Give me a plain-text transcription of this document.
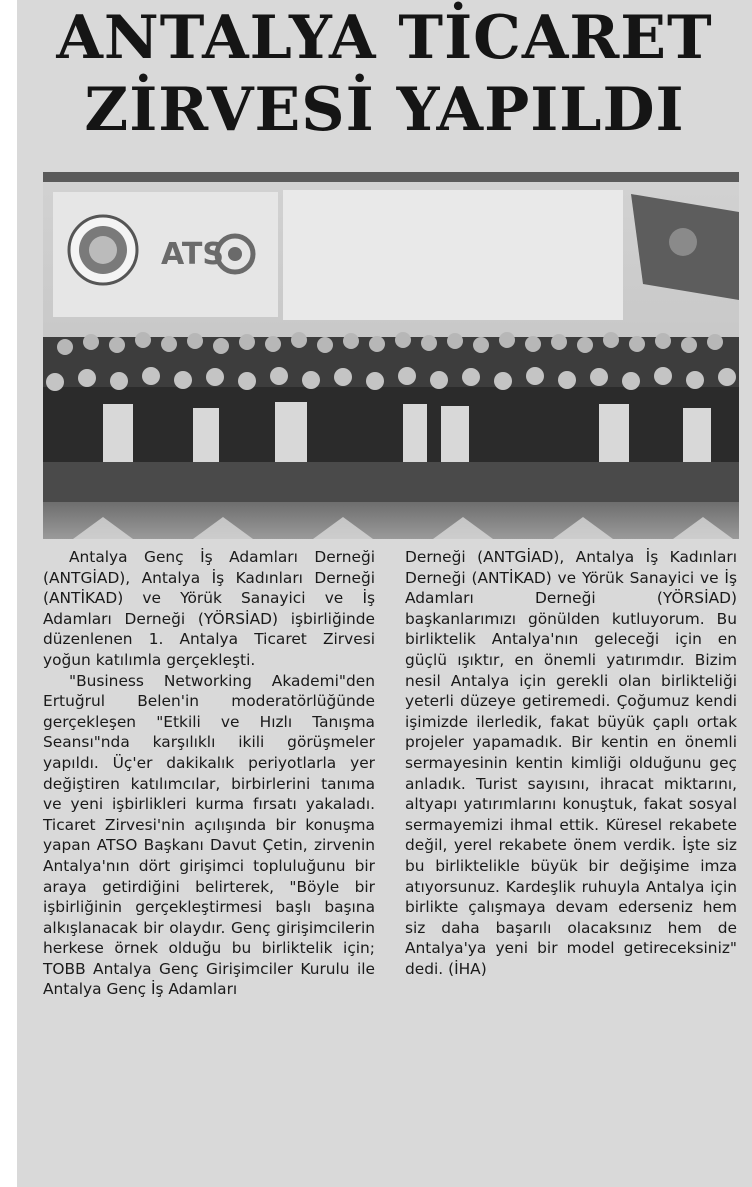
ANTALYA TİCARET
ZİRVESİ YAPILDI
ATS

Antalya Genç İş Adamları Derneği (ANTGİAD), Antalya İş Kadınları Derneği (ANTİKAD) ve Yörük Sanayici ve İş Adamları Derneği (YÖRSİAD) işbirliğinde düzenlenen 1. Antalya Ticaret Zirvesi yoğun katılımla gerçekleşti.

"Business Networking Akademi"den Ertuğrul Belen'in moderatörlüğünde gerçekleşen "Etkili ve Hızlı Tanışma Seansı"nda karşılıklı ikili görüşmeler yapıldı. Üç'er dakikalık periyotlarla yer değiştiren katılımcılar, birbirlerini tanıma ve yeni işbirlikleri kurma fırsatı yakaladı. Ticaret Zirvesi'nin açılışında bir konuşma yapan ATSO Başkanı Davut Çetin, zirvenin Antalya'nın dört girişimci topluluğunu bir araya getirdiğini belirterek, "Böyle bir işbirliğinin gerçekleştirmesi başlı başına alkışlanacak bir olaydır. Genç girişimcilerin herkese örnek olduğu bu birliktelik için; TOBB Antalya Genç Girişimciler Kurulu ile Antalya Genç İş Adamları

Derneği (ANTGİAD), Antalya İş Kadınları Derneği (ANTİKAD) ve Yörük Sanayici ve İş Adamları Derneği (YÖRSİAD) başkanlarımızı gönülden kutluyorum. Bu birliktelik Antalya'nın geleceği için en güçlü ışıktır, en önemli yatırımdır. Bizim nesil Antalya için gerekli olan birlikteliği yeterli düzeye getiremedi. Çoğumuz kendi işimizde ilerledik, fakat büyük çaplı ortak projeler yapamadık. Bir kentin en önemli sermayesinin kentin kimliği olduğunu geç anladık. Turist sayısını, ihracat miktarını, altyapı yatırımlarını konuştuk, fakat sosyal sermayemizi ihmal ettik. Küresel rekabete değil, yerel rekabete önem verdik. İşte siz bu birliktelikle büyük bir değişime imza atıyorsunuz. Kardeşlik ruhuyla Antalya için birlikte çalışmaya devam ederseniz hem siz daha başarılı olacaksınız hem de Antalya'ya yeni bir model getireceksiniz" dedi. (İHA)
